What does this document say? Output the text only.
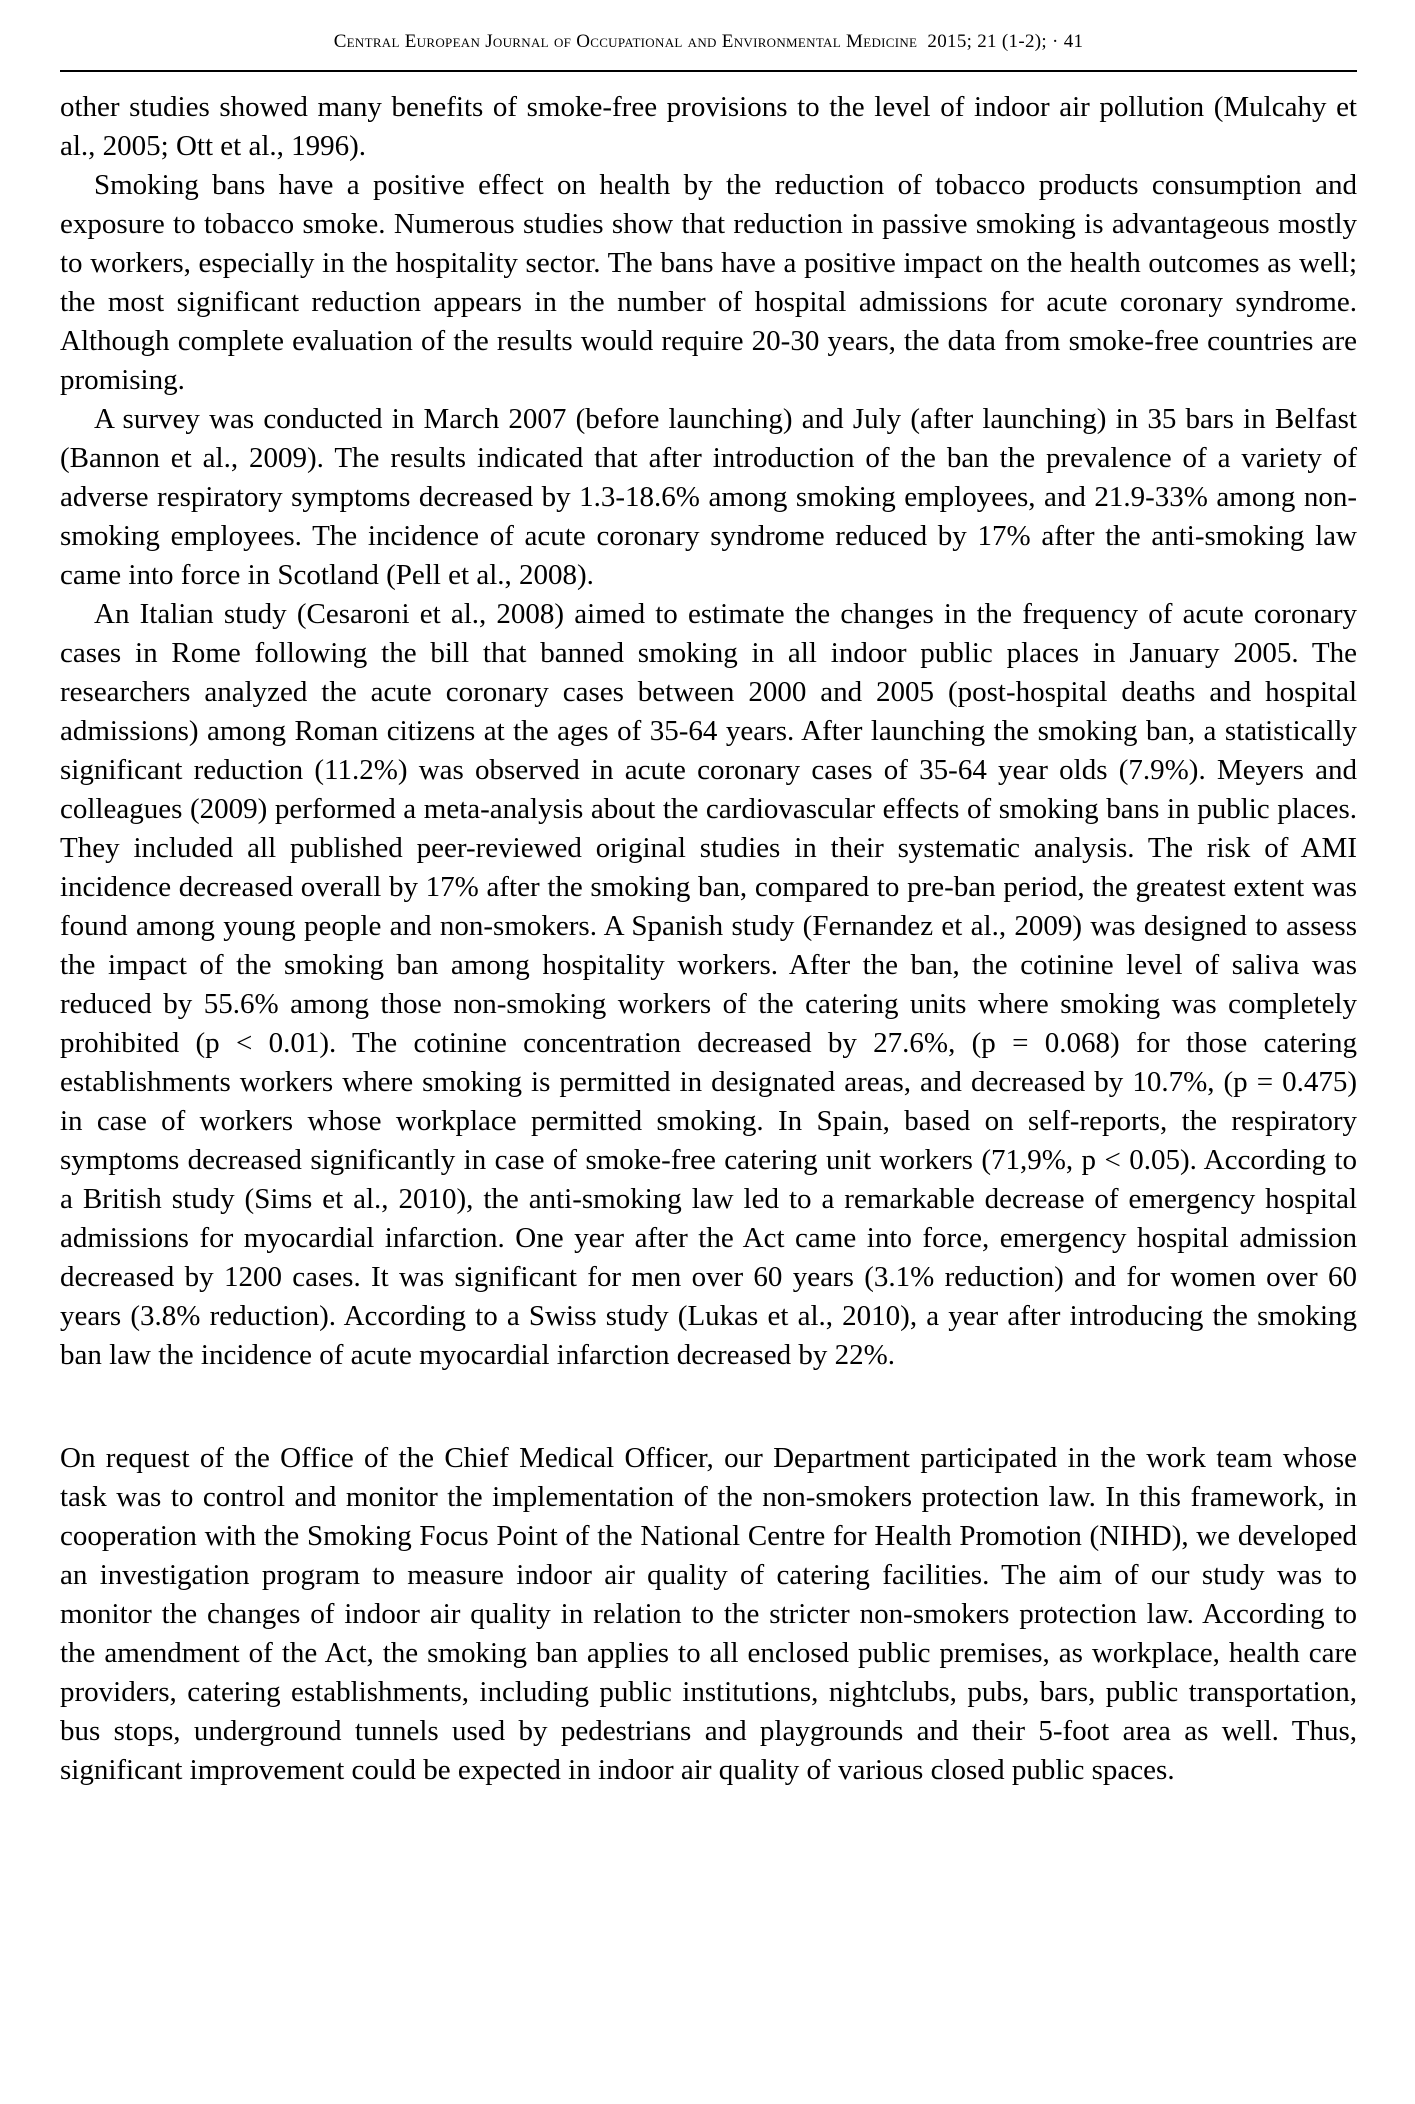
Central European Journal of Occupational and Environmental Medicine 2015; 21 (1-2); · 41

other studies showed many benefits of smoke-free provisions to the level of indoor air pollution (Mulcahy et al., 2005; Ott et al., 1996).

Smoking bans have a positive effect on health by the reduction of tobacco products consumption and exposure to tobacco smoke. Numerous studies show that reduction in passive smoking is advantageous mostly to workers, especially in the hospitality sector. The bans have a positive impact on the health outcomes as well; the most significant reduction appears in the number of hospital admissions for acute coronary syndrome. Although complete evaluation of the results would require 20-30 years, the data from smoke-free countries are promising.

A survey was conducted in March 2007 (before launching) and July (after launching) in 35 bars in Belfast (Bannon et al., 2009). The results indicated that after introduction of the ban the prevalence of a variety of adverse respiratory symptoms decreased by 1.3-18.6% among smoking employees, and 21.9-33% among non-smoking employees. The incidence of acute coronary syndrome reduced by 17% after the anti-smoking law came into force in Scotland (Pell et al., 2008).

An Italian study (Cesaroni et al., 2008) aimed to estimate the changes in the frequency of acute coronary cases in Rome following the bill that banned smoking in all indoor public places in January 2005. The researchers analyzed the acute coronary cases between 2000 and 2005 (post-hospital deaths and hospital admissions) among Roman citizens at the ages of 35-64 years. After launching the smoking ban, a statistically significant reduction (11.2%) was observed in acute coronary cases of 35-64 year olds (7.9%). Meyers and colleagues (2009) performed a meta-analysis about the cardiovascular effects of smoking bans in public places. They included all published peer-reviewed original studies in their systematic analysis. The risk of AMI incidence decreased overall by 17% after the smoking ban, compared to pre-ban period, the greatest extent was found among young people and non-smokers. A Spanish study (Fernandez et al., 2009) was designed to assess the impact of the smoking ban among hospitality workers. After the ban, the cotinine level of saliva was reduced by 55.6% among those non-smoking workers of the catering units where smoking was completely prohibited (p < 0.01). The cotinine concentration decreased by 27.6%, (p = 0.068) for those catering establishments workers where smoking is permitted in designated areas, and decreased by 10.7%, (p = 0.475) in case of workers whose workplace permitted smoking. In Spain, based on self-reports, the respiratory symptoms decreased significantly in case of smoke-free catering unit workers (71,9%, p < 0.05). According to a British study (Sims et al., 2010), the anti-smoking law led to a remarkable decrease of emergency hospital admissions for myocardial infarction. One year after the Act came into force, emergency hospital admission decreased by 1200 cases. It was significant for men over 60 years (3.1% reduction) and for women over 60 years (3.8% reduction). According to a Swiss study (Lukas et al., 2010), a year after introducing the smoking ban law the incidence of acute myocardial infarction decreased by 22%.

On request of the Office of the Chief Medical Officer, our Department participated in the work team whose task was to control and monitor the implementation of the non-smokers protection law. In this framework, in cooperation with the Smoking Focus Point of the National Centre for Health Promotion (NIHD), we developed an investigation program to measure indoor air quality of catering facilities. The aim of our study was to monitor the changes of indoor air quality in relation to the stricter non-smokers protection law. According to the amendment of the Act, the smoking ban applies to all enclosed public premises, as workplace, health care providers, catering establishments, including public institutions, nightclubs, pubs, bars, public transportation, bus stops, underground tunnels used by pedestrians and playgrounds and their 5-foot area as well. Thus, significant improvement could be expected in indoor air quality of various closed public spaces.
